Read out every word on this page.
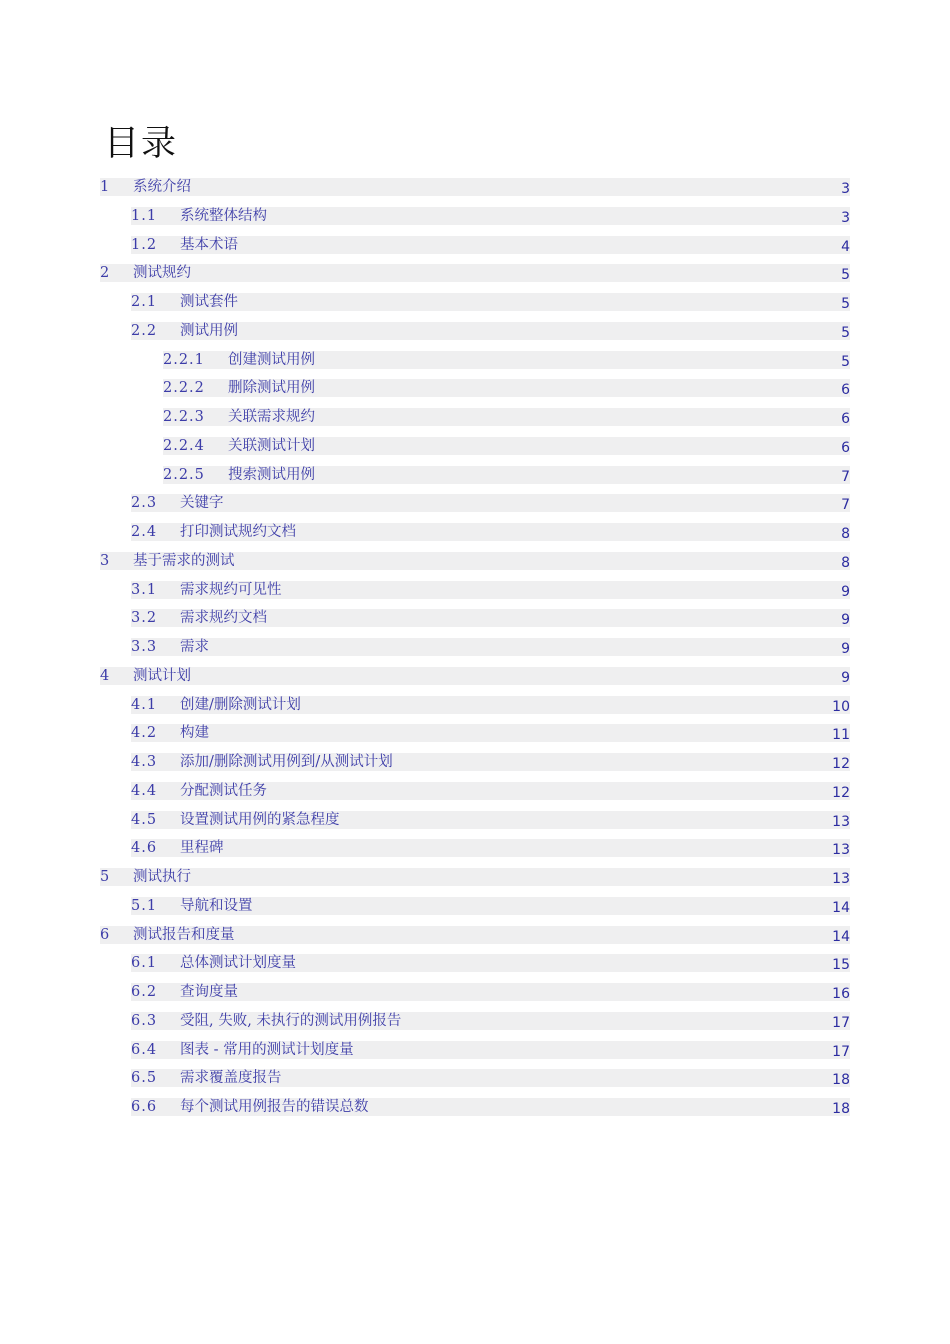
目录
1 系统介绍	3
1.1 系统整体结构	3
1.2 基本术语	4
2 测试规约	5
2.1 测试套件	5
2.2 测试用例	5
2.2.1 创建测试用例	5
2.2.2 删除测试用例	6
2.2.3 关联需求规约	6
2.2.4 关联测试计划	6
2.2.5 搜索测试用例	7
2.3 关键字	7
2.4 打印测试规约文档	8
3 基于需求的测试	8
3.1 需求规约可见性	9
3.2 需求规约文档	9
3.3 需求	9
4 测试计划	9
4.1 创建/删除测试计划	10
4.2 构建	11
4.3 添加/删除测试用例到/从测试计划	12
4.4 分配测试任务	12
4.5 设置测试用例的紧急程度	13
4.6 里程碑	13
5 测试执行	13
5.1 导航和设置	14
6 测试报告和度量	14
6.1 总体测试计划度量	15
6.2 查询度量	16
6.3 受阻, 失败, 未执行的测试用例报告	17
6.4 图表 - 常用的测试计划度量	17
6.5 需求覆盖度报告	18
6.6 每个测试用例报告的错误总数	18
